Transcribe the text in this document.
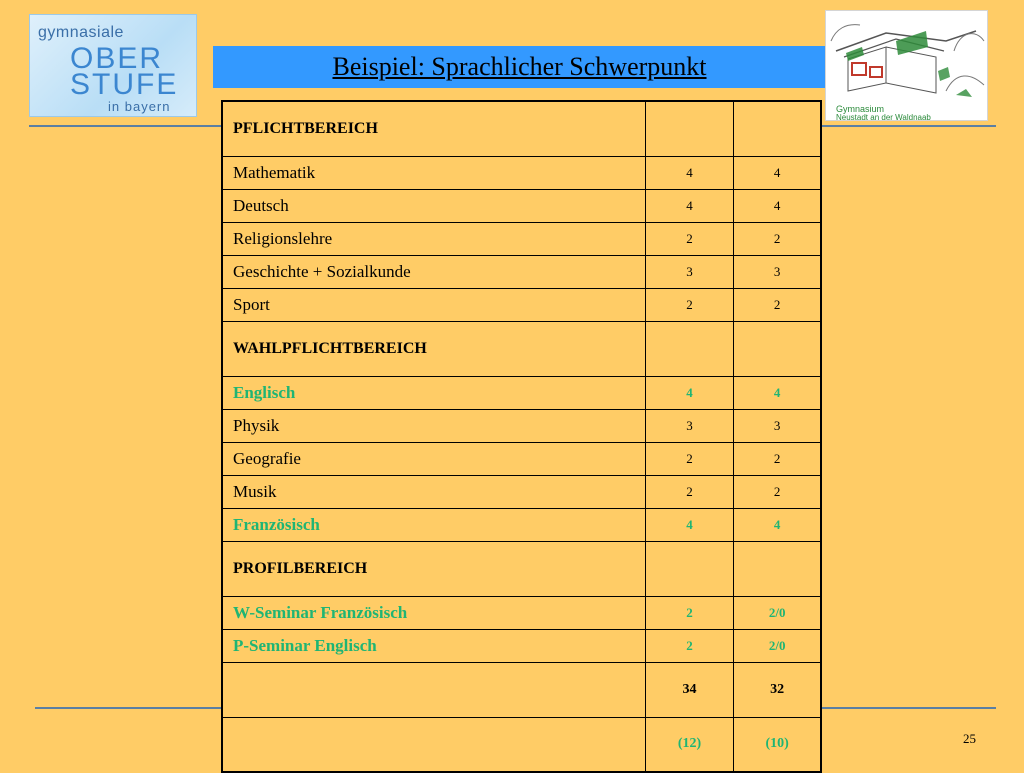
gymnasiale
OBER
STUFE
in bayern
Beispiel: Sprachlicher Schwerpunkt
Gymnasium
Neustadt an der Waldnaab
PFLICHTBEREICH		
Mathematik	4	4
Deutsch	4	4
Religionslehre	2	2
Geschichte + Sozialkunde	3	3
Sport	2	2
WAHLPFLICHTBEREICH		
Englisch	4	4
Physik	3	3
Geografie	2	2
Musik	2	2
Französisch	4	4
PROFILBEREICH		
W-Seminar Französisch	2	2/0
P-Seminar Englisch	2	2/0
	34	32
	(12)	(10)	25
